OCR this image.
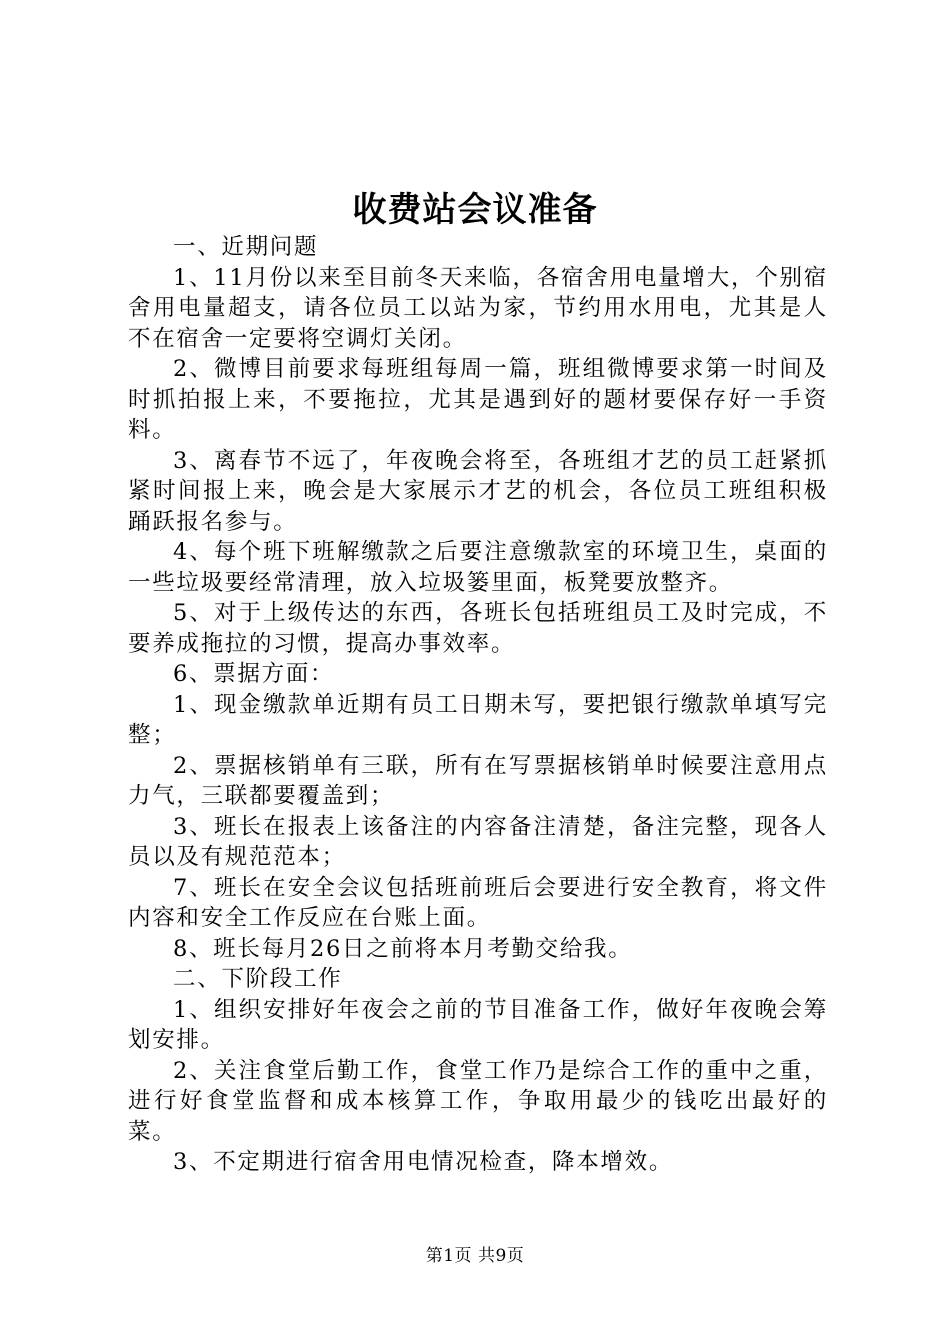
收费站会议准备

一、近期问题

1、11月份以来至目前冬天来临，各宿舍用电量增大，个别宿舍用电量超支，请各位员工以站为家，节约用水用电，尤其是人不在宿舍一定要将空调灯关闭。

2、微博目前要求每班组每周一篇，班组微博要求第一时间及时抓拍报上来，不要拖拉，尤其是遇到好的题材要保存好一手资料。

3、离春节不远了，年夜晚会将至，各班组才艺的员工赶紧抓紧时间报上来，晚会是大家展示才艺的机会，各位员工班组积极踊跃报名参与。

4、每个班下班解缴款之后要注意缴款室的环境卫生，桌面的一些垃圾要经常清理，放入垃圾篓里面，板凳要放整齐。

5、对于上级传达的东西，各班长包括班组员工及时完成，不要养成拖拉的习惯，提高办事效率。

6、票据方面：

1、现金缴款单近期有员工日期未写，要把银行缴款单填写完整；

2、票据核销单有三联，所有在写票据核销单时候要注意用点力气，三联都要覆盖到；

3、班长在报表上该备注的内容备注清楚，备注完整，现各人员以及有规范范本；

7、班长在安全会议包括班前班后会要进行安全教育，将文件内容和安全工作反应在台账上面。

8、班长每月26日之前将本月考勤交给我。

二、下阶段工作

1、组织安排好年夜会之前的节目准备工作，做好年夜晚会筹划安排。

2、关注食堂后勤工作，食堂工作乃是综合工作的重中之重，进行好食堂监督和成本核算工作，争取用最少的钱吃出最好的菜。

3、不定期进行宿舍用电情况检查，降本增效。

第1页 共9页
